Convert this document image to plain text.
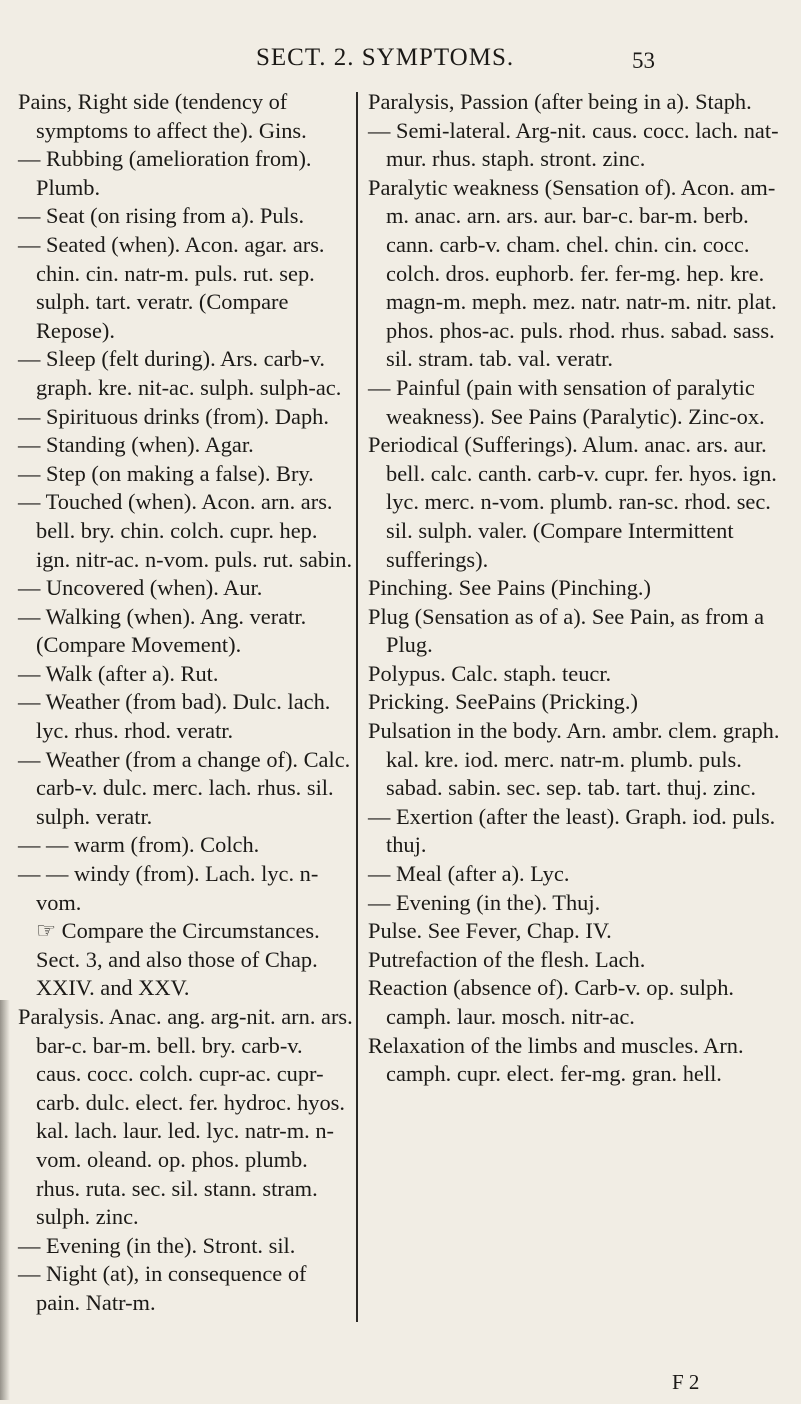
SECT. 2. SYMPTOMS.	53

Pains, Right side (tendency of symptoms to affect the). Gins.

— Rubbing (amelioration from). Plumb.

— Seat (on rising from a). Puls.

— Seated (when). Acon. agar. ars. chin. cin. natr-m. puls. rut. sep. sulph. tart. veratr. (Compare Repose).

— Sleep (felt during). Ars. carb-v. graph. kre. nit-ac. sulph. sulph-ac.

— Spirituous drinks (from). Daph.

— Standing (when). Agar.

— Step (on making a false). Bry.

— Touched (when). Acon. arn. ars. bell. bry. chin. colch. cupr. hep. ign. nitr-ac. n-vom. puls. rut. sabin.

— Uncovered (when). Aur.

— Walking (when). Ang. veratr. (Compare Movement).

— Walk (after a). Rut.

— Weather (from bad). Dulc. lach. lyc. rhus. rhod. veratr.

— Weather (from a change of). Calc. carb-v. dulc. merc. lach. rhus. sil. sulph. veratr.

— — warm (from). Colch.

— — windy (from). Lach. lyc. n-vom.

☞ Compare the Circumstances. Sect. 3, and also those of Chap. XXIV. and XXV.

Paralysis. Anac. ang. arg-nit. arn. ars. bar-c. bar-m. bell. bry. carb-v. caus. cocc. colch. cupr-ac. cupr-carb. dulc. elect. fer. hydroc. hyos. kal. lach. laur. led. lyc. natr-m. n-vom. oleand. op. phos. plumb. rhus. ruta. sec. sil. stann. stram. sulph. zinc.

— Evening (in the). Stront. sil.

— Night (at), in consequence of pain. Natr-m.

Paralysis, Passion (after being in a). Staph.

— Semi-lateral. Arg-nit. caus. cocc. lach. nat-mur. rhus. staph. stront. zinc.

Paralytic weakness (Sensation of). Acon. am-m. anac. arn. ars. aur. bar-c. bar-m. berb. cann. carb-v. cham. chel. chin. cin. cocc. colch. dros. euphorb. fer. fer-mg. hep. kre. magn-m. meph. mez. natr. natr-m. nitr. plat. phos. phos-ac. puls. rhod. rhus. sabad. sass. sil. stram. tab. val. veratr.

— Painful (pain with sensation of paralytic weakness). See Pains (Paralytic). Zinc-ox.

Periodical (Sufferings). Alum. anac. ars. aur. bell. calc. canth. carb-v. cupr. fer. hyos. ign. lyc. merc. n-vom. plumb. ran-sc. rhod. sec. sil. sulph. valer. (Compare Intermittent sufferings).

Pinching. See Pains (Pinching.)

Plug (Sensation as of a). See Pain, as from a Plug.

Polypus. Calc. staph. teucr.

Pricking. SeePains (Pricking.)

Pulsation in the body. Arn. ambr. clem. graph. kal. kre. iod. merc. natr-m. plumb. puls. sabad. sabin. sec. sep. tab. tart. thuj. zinc.

— Exertion (after the least). Graph. iod. puls. thuj.

— Meal (after a). Lyc.

— Evening (in the). Thuj.

Pulse. See Fever, Chap. IV.

Putrefaction of the flesh. Lach.

Reaction (absence of). Carb-v. op. sulph. camph. laur. mosch. nitr-ac.

Relaxation of the limbs and muscles. Arn. camph. cupr. elect. fer-mg. gran. hell.

F 2
